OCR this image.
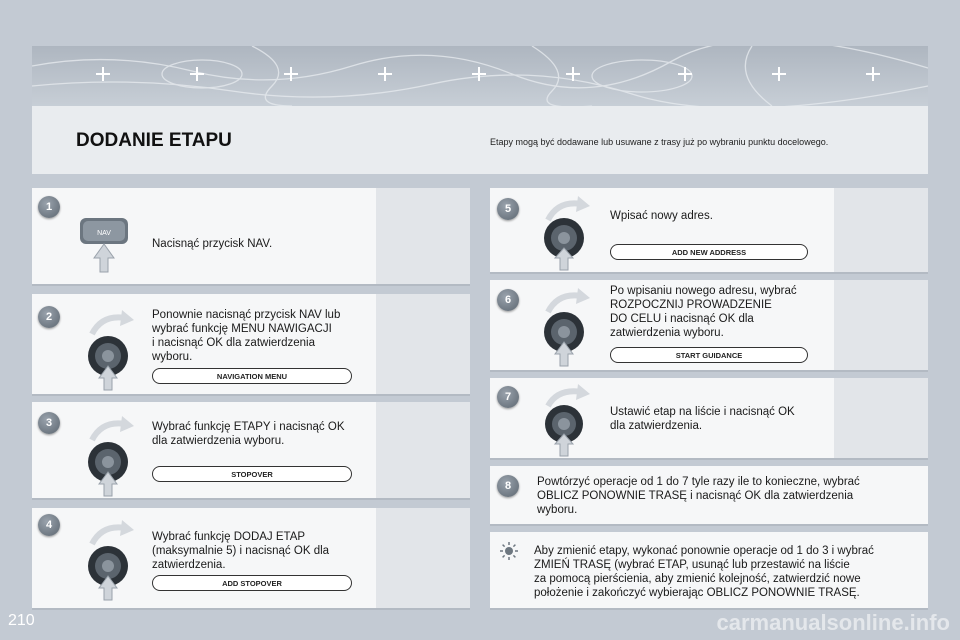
DODANIE ETAPU	Etapy mogą być dodawane lub usuwane z trasy już po wybraniu punktu docelowego.
1
2
3
4
5
6
7
8
NAV
Nacisnąć przycisk NAV.
Ponownie nacisnąć przycisk NAV lub
wybrać funkcję MENU NAWIGACJI
i nacisnąć OK dla zatwierdzenia
wyboru.
Wybrać funkcję ETAPY i nacisnąć OK
dla zatwierdzenia wyboru.
Wybrać funkcję DODAJ ETAP
(maksymalnie 5) i nacisnąć OK dla
zatwierdzenia.
Wpisać nowy adres.
Po wpisaniu nowego adresu, wybrać
ROZPOCZNIJ PROWADZENIE
DO CELU i nacisnąć OK dla
zatwierdzenia wyboru.
Ustawić etap na liście i nacisnąć OK
dla zatwierdzenia.
Powtórzyć operacje od 1 do 7 tyle razy ile to konieczne, wybrać
OBLICZ PONOWNIE TRASĘ i nacisnąć OK dla zatwierdzenia
wyboru.
NAVIGATION MENU
STOPOVER
ADD STOPOVER
ADD NEW ADDRESS
START GUIDANCE
Aby zmienić etapy, wykonać ponownie operacje od 1 do 3 i wybrać
ZMIEŃ TRASĘ (wybrać ETAP, usunąć lub przestawić na liście
za pomocą pierścienia, aby zmienić kolejność, zatwierdzić nowe
położenie i zakończyć wybierając OBLICZ PONOWNIE TRASĘ.
210	carmanualsonline.info
